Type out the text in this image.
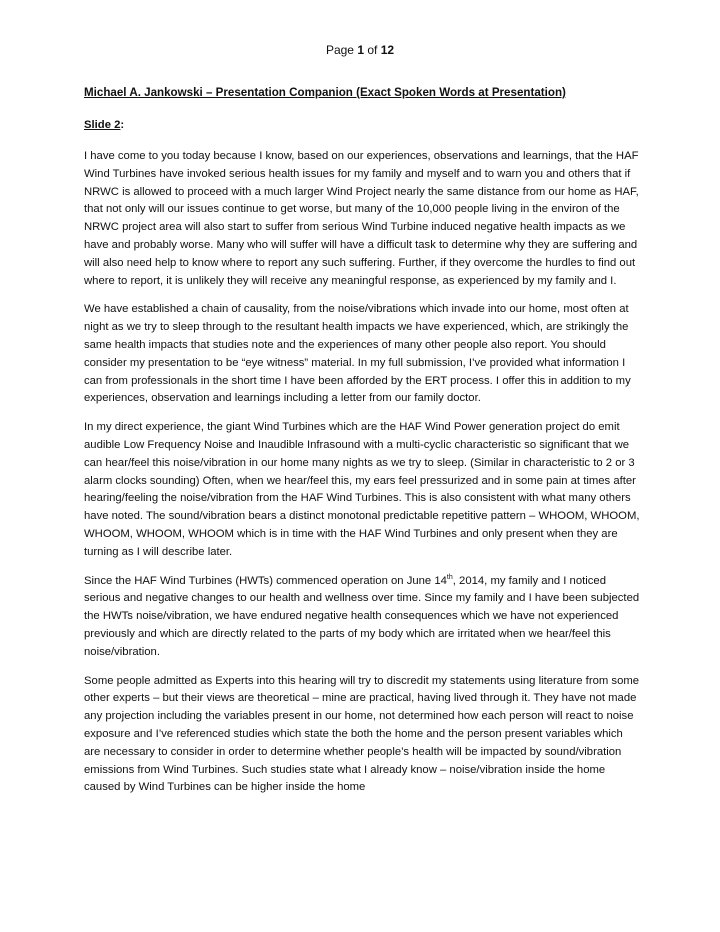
Page 1 of 12

Michael A. Jankowski – Presentation Companion (Exact Spoken Words at Presentation)

Slide 2:

I have come to you today because I know, based on our experiences, observations and learnings, that the HAF Wind Turbines have invoked serious health issues for my family and myself and to warn you and others that if NRWC is allowed to proceed with a much larger Wind Project nearly the same distance from our home as HAF, that not only will our issues continue to get worse, but many of the 10,000 people living in the environ of the NRWC project area will also start to suffer from serious Wind Turbine induced negative health impacts as we have and probably worse. Many who will suffer will have a difficult task to determine why they are suffering and will also need help to know where to report any such suffering. Further, if they overcome the hurdles to find out where to report, it is unlikely they will receive any meaningful response, as experienced by my family and I.

We have established a chain of causality, from the noise/vibrations which invade into our home, most often at night as we try to sleep through to the resultant health impacts we have experienced, which, are strikingly the same health impacts that studies note and the experiences of many other people also report. You should consider my presentation to be “eye witness” material. In my full submission, I’ve provided what information I can from professionals in the short time I have been afforded by the ERT process. I offer this in addition to my experiences, observation and learnings including a letter from our family doctor.

In my direct experience, the giant Wind Turbines which are the HAF Wind Power generation project do emit audible Low Frequency Noise and Inaudible Infrasound with a multi-cyclic characteristic so significant that we can hear/feel this noise/vibration in our home many nights as we try to sleep. (Similar in characteristic to 2 or 3 alarm clocks sounding) Often, when we hear/feel this, my ears feel pressurized and in some pain at times after hearing/feeling the noise/vibration from the HAF Wind Turbines. This is also consistent with what many others have noted. The sound/vibration bears a distinct monotonal predictable repetitive pattern – WHOOM, WHOOM, WHOOM, WHOOM, WHOOM which is in time with the HAF Wind Turbines and only present when they are turning as I will describe later.

Since the HAF Wind Turbines (HWTs) commenced operation on June 14th, 2014, my family and I noticed serious and negative changes to our health and wellness over time. Since my family and I have been subjected the HWTs noise/vibration, we have endured negative health consequences which we have not experienced previously and which are directly related to the parts of my body which are irritated when we hear/feel this noise/vibration.

Some people admitted as Experts into this hearing will try to discredit my statements using literature from some other experts – but their views are theoretical – mine are practical, having lived through it. They have not made any projection including the variables present in our home, not determined how each person will react to noise exposure and I’ve referenced studies which state the both the home and the person present variables which are necessary to consider in order to determine whether people’s health will be impacted by sound/vibration emissions from Wind Turbines. Such studies state what I already know – noise/vibration inside the home caused by Wind Turbines can be higher inside the home
